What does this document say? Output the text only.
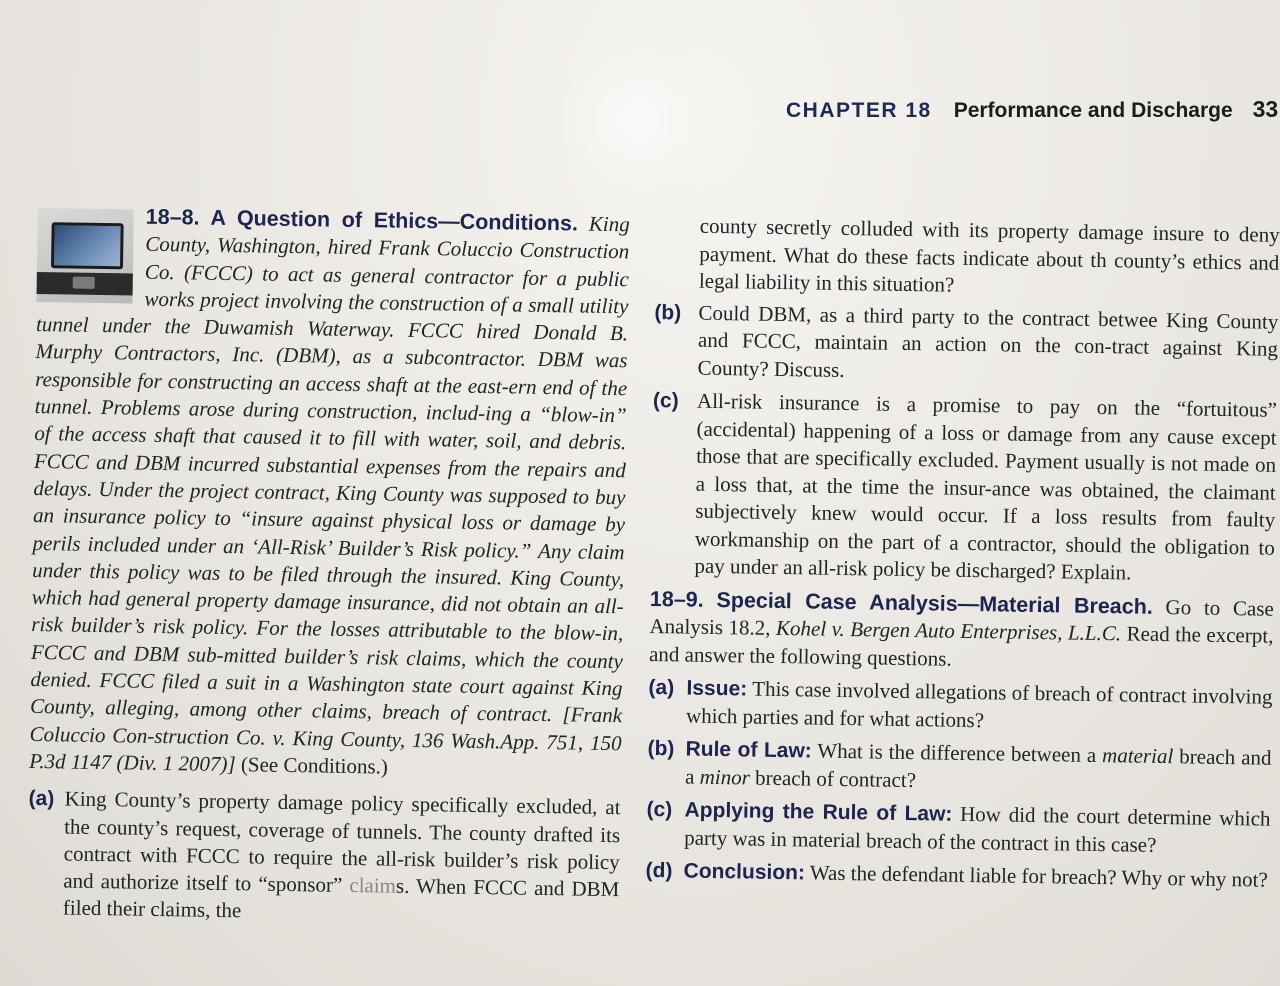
CHAPTER 18 Performance and Discharge 33

18–8. A Question of Ethics—Conditions. King County, Washington, hired Frank Coluccio Construction Co. (FCCC) to act as general contractor for a public works project involving the construction of a small utility tunnel under the Duwamish Waterway. FCCC hired Donald B. Murphy Contractors, Inc. (DBM), as a subcontractor. DBM was responsible for constructing an access shaft at the east-ern end of the tunnel. Problems arose during construction, includ-ing a “blow-in” of the access shaft that caused it to fill with water, soil, and debris. FCCC and DBM incurred substantial expenses from the repairs and delays. Under the project contract, King County was supposed to buy an insurance policy to “insure against physical loss or damage by perils included under an ‘All-Risk’ Builder’s Risk policy.” Any claim under this policy was to be filed through the insured. King County, which had general property damage insurance, did not obtain an all-risk builder’s risk policy. For the losses attributable to the blow-in, FCCC and DBM sub-mitted builder’s risk claims, which the county denied. FCCC filed a suit in a Washington state court against King County, alleging, among other claims, breach of contract. [Frank Coluccio Con-struction Co. v. King County, 136 Wash.App. 751, 150 P.3d 1147 (Div. 1 2007)] (See Conditions.)

(a) King County’s property damage policy specifically excluded, at the county’s request, coverage of tunnels. The county drafted its contract with FCCC to require the all-risk builder’s risk policy and authorize itself to “sponsor” claims. When FCCC and DBM filed their claims, the

county secretly colluded with its property damage insure to deny payment. What do these facts indicate about th county’s ethics and legal liability in this situation?

(b) Could DBM, as a third party to the contract betwee King County and FCCC, maintain an action on the con-tract against King County? Discuss.

(c) All-risk insurance is a promise to pay on the “fortuitous” (accidental) happening of a loss or damage from any cause except those that are specifically excluded. Payment usually is not made on a loss that, at the time the insur-ance was obtained, the claimant subjectively knew would occur. If a loss results from faulty workmanship on the part of a contractor, should the obligation to pay under an all-risk policy be discharged? Explain.

18–9. Special Case Analysis—Material Breach. Go to Case Analysis 18.2, Kohel v. Bergen Auto Enterprises, L.L.C. Read the excerpt, and answer the following questions.

(a) Issue: This case involved allegations of breach of contract involving which parties and for what actions?

(b) Rule of Law: What is the difference between a material breach and a minor breach of contract?

(c) Applying the Rule of Law: How did the court determine which party was in material breach of the contract in this case?

(d) Conclusion: Was the defendant liable for breach? Why or why not?
